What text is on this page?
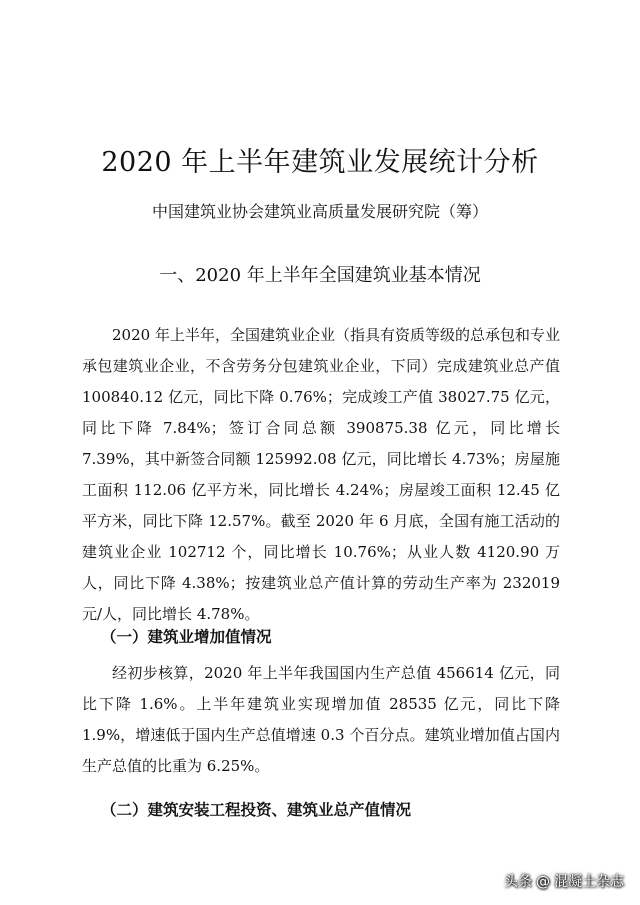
2020 年上半年建筑业发展统计分析
中国建筑业协会建筑业高质量发展研究院（筹）
一、2020 年上半年全国建筑业基本情况

2020 年上半年，全国建筑业企业（指具有资质等级的总承包和专业承包建筑业企业，不含劳务分包建筑业企业，下同）完成建筑业总产值 100840.12 亿元，同比下降 0.76%；完成竣工产值 38027.75 亿元，同比下降 7.84%；签订合同总额 390875.38 亿元，同比增长 7.39%，其中新签合同额 125992.08 亿元，同比增长 4.73%；房屋施工面积 112.06 亿平方米，同比增长 4.24%；房屋竣工面积 12.45 亿平方米，同比下降 12.57%。截至 2020 年 6 月底，全国有施工活动的建筑业企业 102712 个，同比增长 10.76%；从业人数 4120.90 万人，同比下降 4.38%；按建筑业总产值计算的劳动生产率为 232019 元/人，同比增长 4.78%。

（一）建筑业增加值情况

经初步核算，2020 年上半年我国国内生产总值 456614 亿元，同比下降 1.6%。上半年建筑业实现增加值 28535 亿元，同比下降 1.9%，增速低于国内生产总值增速 0.3 个百分点。建筑业增加值占国内生产总值的比重为 6.25%。

（二）建筑安装工程投资、建筑业总产值情况
头条 @ 混凝土杂志
